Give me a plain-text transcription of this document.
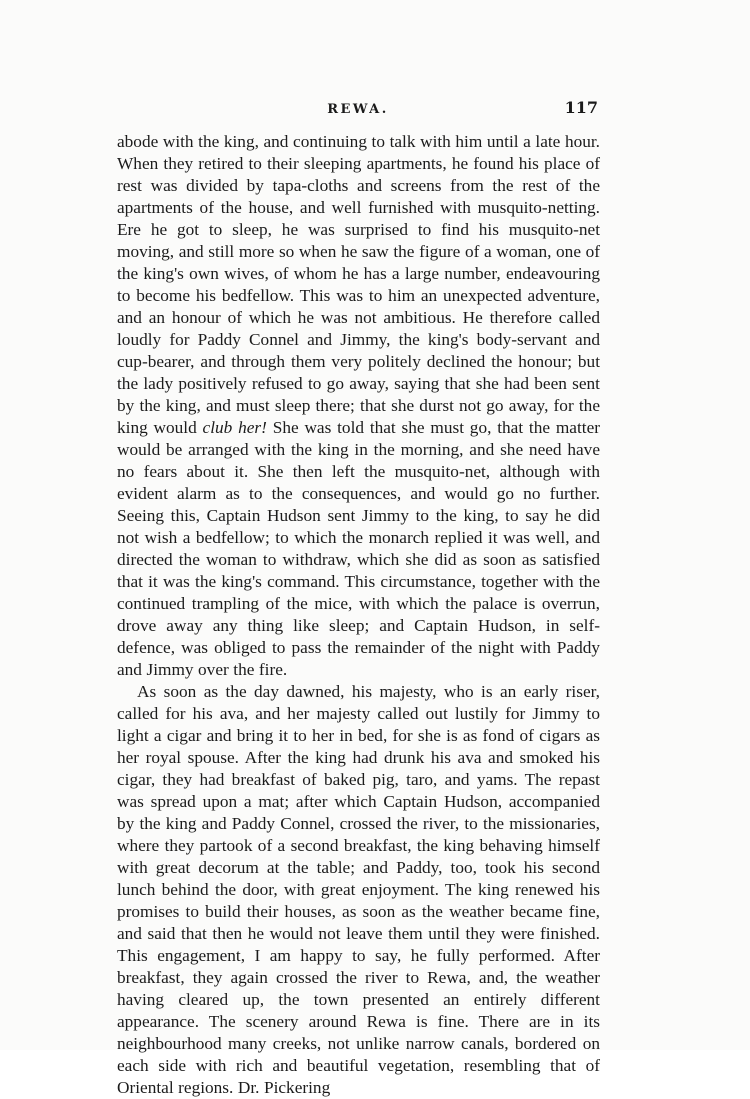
REWA.	117

abode with the king, and continuing to talk with him until a late hour. When they retired to their sleeping apartments, he found his place of rest was divided by tapa-cloths and screens from the rest of the apartments of the house, and well furnished with musquito-netting. Ere he got to sleep, he was surprised to find his musquito-net moving, and still more so when he saw the figure of a woman, one of the king's own wives, of whom he has a large number, endeavouring to become his bedfellow. This was to him an unexpected adventure, and an honour of which he was not ambitious. He therefore called loudly for Paddy Connel and Jimmy, the king's body-servant and cup-bearer, and through them very politely declined the honour; but the lady positively refused to go away, saying that she had been sent by the king, and must sleep there; that she durst not go away, for the king would club her! She was told that she must go, that the matter would be arranged with the king in the morning, and she need have no fears about it. She then left the musquito-net, although with evident alarm as to the consequences, and would go no further. Seeing this, Captain Hudson sent Jimmy to the king, to say he did not wish a bedfellow; to which the monarch replied it was well, and directed the woman to withdraw, which she did as soon as satisfied that it was the king's command. This circumstance, together with the continued trampling of the mice, with which the palace is overrun, drove away any thing like sleep; and Captain Hudson, in self-defence, was obliged to pass the remainder of the night with Paddy and Jimmy over the fire.

As soon as the day dawned, his majesty, who is an early riser, called for his ava, and her majesty called out lustily for Jimmy to light a cigar and bring it to her in bed, for she is as fond of cigars as her royal spouse. After the king had drunk his ava and smoked his cigar, they had breakfast of baked pig, taro, and yams. The repast was spread upon a mat; after which Captain Hudson, accompanied by the king and Paddy Connel, crossed the river, to the missionaries, where they partook of a second breakfast, the king behaving himself with great decorum at the table; and Paddy, too, took his second lunch behind the door, with great enjoyment. The king renewed his promises to build their houses, as soon as the weather became fine, and said that then he would not leave them until they were finished. This engagement, I am happy to say, he fully performed. After breakfast, they again crossed the river to Rewa, and, the weather having cleared up, the town presented an entirely different appearance. The scenery around Rewa is fine. There are in its neighbourhood many creeks, not unlike narrow canals, bordered on each side with rich and beautiful vegetation, resembling that of Oriental regions. Dr. Pickering
